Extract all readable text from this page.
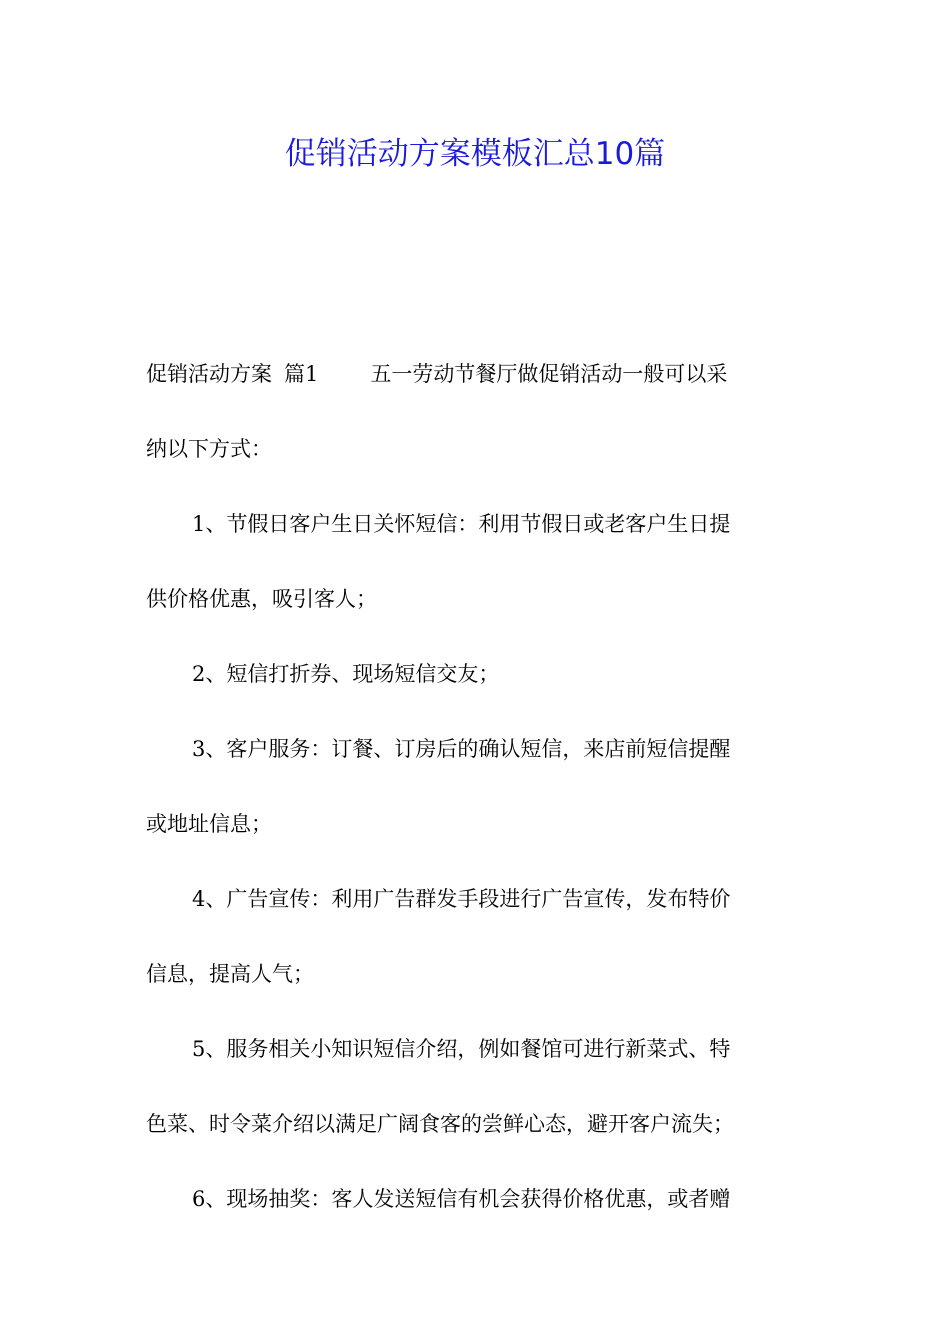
促销活动方案模板汇总10篇

促销活动方案 篇1 五一劳动节餐厅做促销活动一般可以采

纳以下方式：

1、节假日客户生日关怀短信：利用节假日或老客户生日提

供价格优惠，吸引客人；

2、短信打折券、现场短信交友；

3、客户服务：订餐、订房后的确认短信，来店前短信提醒

或地址信息；

4、广告宣传：利用广告群发手段进行广告宣传，发布特价

信息，提高人气；

5、服务相关小知识短信介绍，例如餐馆可进行新菜式、特

色菜、时令菜介绍以满足广阔食客的尝鲜心态，避开客户流失；

6、现场抽奖：客人发送短信有机会获得价格优惠，或者赠
